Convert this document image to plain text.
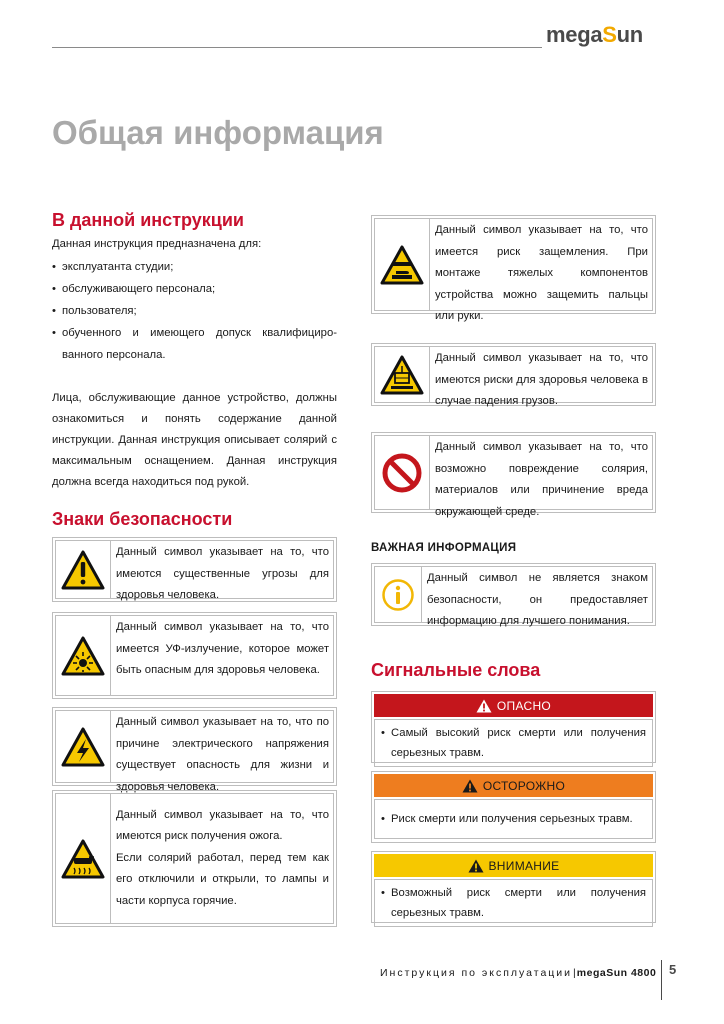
megaSun
Общая информация
В данной инструкции
Данная инструкция предназначена для:
• эксплуатанта студии;
• обслуживающего персонала;
• пользователя;
• обученного и имеющего допуск квалифициро-ванного персонала.
Лица, обслуживающие данное устройство, должны ознакомиться и понять содержание данной инструкции. Данная инструкция описывает солярий с максимальным оснащением. Данная инструкция должна всегда находиться под рукой.
Знаки безопасности
Данный символ указывает на то, что имеются существенные угрозы для здоровья человека.
Данный символ указывает на то, что имеется УФ-излучение, которое может быть опасным для здоровья человека.
Данный символ указывает на то, что по причине электрического напряжения существует опасность для жизни и здоровья человека.
Данный символ указывает на то, что имеются риск получения ожога.
Если солярий работал, перед тем как его отключили и открыли, то лампы и части корпуса горячие.
Данный символ указывает на то, что имеется риск защемления. При монтаже тяжелых компонентов устройства можно защемить пальцы или руки.
Данный символ указывает на то, что имеются риски для здоровья человека в случае падения грузов.
Данный символ указывает на то, что возможно повреждение солярия, материалов или причинение вреда окружающей среде.
ВАЖНАЯ ИНФОРМАЦИЯ
Данный символ не является знаком безопасности, он предоставляет информацию для лучшего понимания.
Сигнальные слова
ОПАСНО
• Самый высокий риск смерти или получения серьезных травм.
ОСТОРОЖНО
• Риск смерти или получения серьезных травм.
ВНИМАНИЕ
• Возможный риск смерти или получения серьезных травм.
Инструкция по эксплуатации|megaSun 4800 5
